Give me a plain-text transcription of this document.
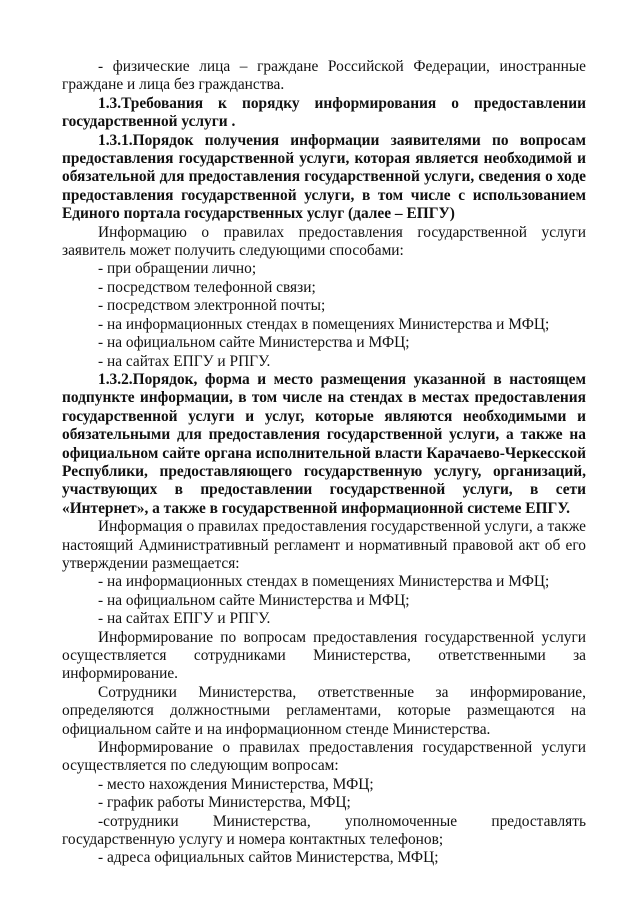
- физические лица – граждане Российской Федерации, иностранные граждане и лица без гражданства.

1.3.Требования к порядку информирования о предоставлении государственной услуги .

1.3.1.Порядок получения информации заявителями по вопросам предоставления государственной услуги, которая является необходимой и обязательной для предоставления государственной услуги, сведения о ходе предоставления государственной услуги, в том числе с использованием Единого портала государственных услуг (далее – ЕПГУ)

Информацию о правилах предоставления государственной услуги заявитель может получить следующими способами:

- при обращении лично;

- посредством телефонной связи;

- посредством электронной почты;

- на информационных стендах в помещениях Министерства и МФЦ;

- на официальном сайте Министерства и МФЦ;

- на сайтах ЕПГУ и РПГУ.

1.3.2.Порядок, форма и место размещения указанной в настоящем подпункте информации, в том числе на стендах в местах предоставления государственной услуги и услуг, которые являются необходимыми и обязательными для предоставления государственной услуги, а также на официальном сайте органа исполнительной власти Карачаево-Черкесской Республики, предоставляющего государственную услугу, организаций, участвующих в предоставлении государственной услуги, в сети «Интернет», а также в государственной информационной системе ЕПГУ.

Информация о правилах предоставления государственной услуги, а также настоящий Административный регламент и нормативный правовой акт об его утверждении размещается:

- на информационных стендах в помещениях Министерства и МФЦ;

- на официальном сайте Министерства и МФЦ;

- на сайтах ЕПГУ и РПГУ.

Информирование по вопросам предоставления государственной услуги осуществляется сотрудниками Министерства, ответственными за информирование.

Сотрудники Министерства, ответственные за информирование, определяются должностными регламентами, которые размещаются на официальном сайте и на информационном стенде Министерства.

Информирование о правилах предоставления государственной услуги осуществляется по следующим вопросам:

- место нахождения Министерства, МФЦ;

- график работы Министерства, МФЦ;

-сотрудники Министерства, уполномоченные предоставлять государственную услугу и номера контактных телефонов;

- адреса официальных сайтов Министерства, МФЦ;
